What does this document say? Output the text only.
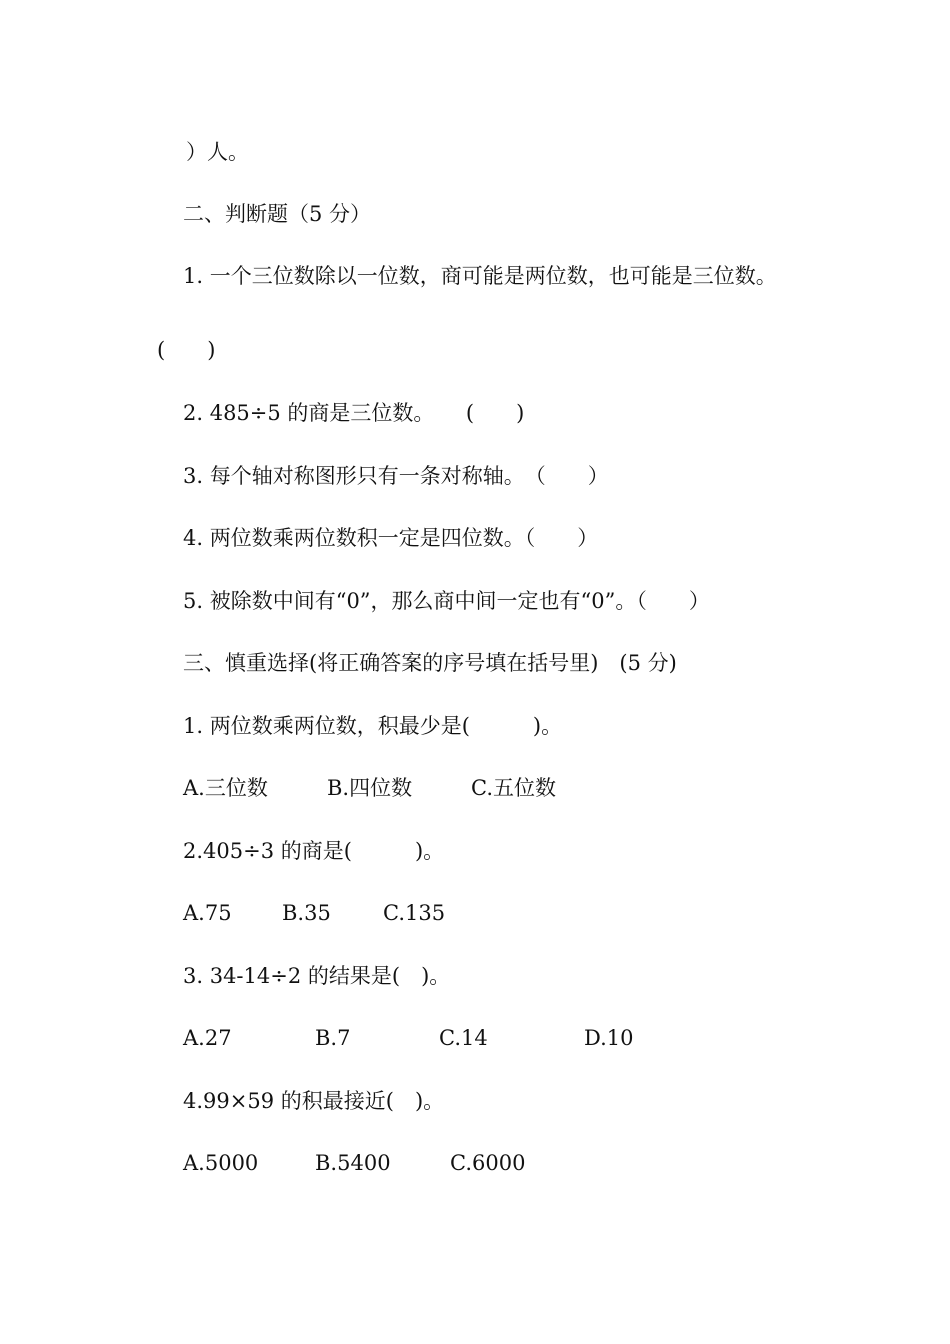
）人。
二、判断题（5 分）
1. 一个三位数除以一位数，商可能是两位数，也可能是三位数。
(　　)
2. 485÷5 的商是三位数。　　(　　)
3. 每个轴对称图形只有一条对称轴。　（　　）
4. 两位数乘两位数积一定是四位数。（　　）
5. 被除数中间有“0”，那么商中间一定也有“0”。（　　）
三、慎重选择(将正确答案的序号填在括号里)　(5 分)
1. 两位数乘两位数，积最少是(　　　)。
A.三位数	B.四位数	C.五位数
2.405÷3 的商是(　　　)。
A.75 B.35 C.135
3. 34-14÷2 的结果是(　)。
A.27	B.7	C.14	D.10
4.99×59 的积最接近(　)。
A.5000	B.5400	C.6000
